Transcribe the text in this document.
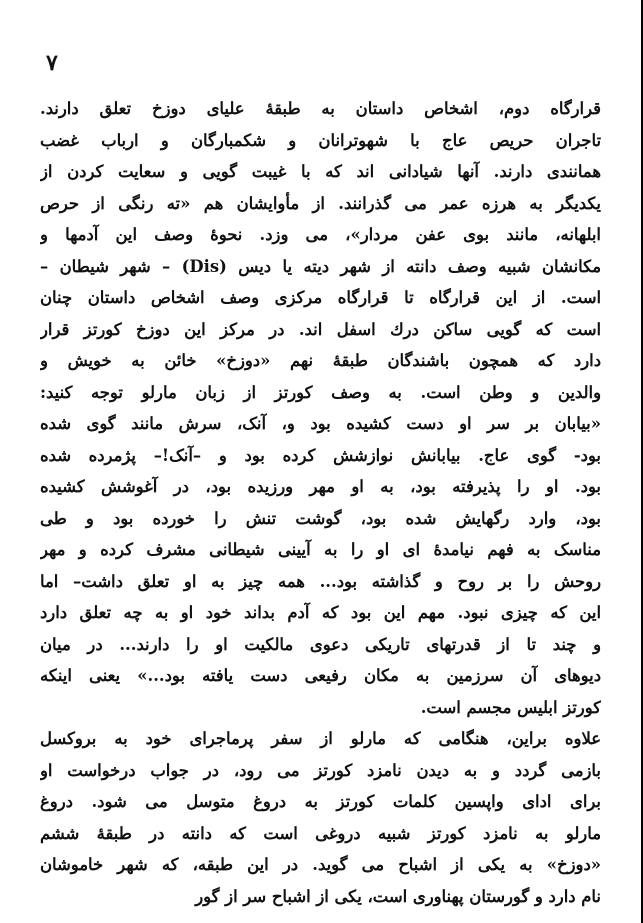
۷
قرارگاه دوم، اشخاص داستان به طبقهٔ علیای دوزخ تعلق دارند.
تاجران حریص عاج با شهوترانان و شکمبارگان و ارباب غضب
همانندی دارند. آنها شیادانی اند که با غیبت گویی و سعایت کردن از
یکدیگر به هرزه عمر می گذرانند. از مأوایشان هم «ته رنگی از حرص
ابلهانه، مانند بوی عفن مردار»، می وزد. نحوهٔ وصف این آدمها و
مکانشان شبیه وصف دانته از شهر دیته یا دیس (Dis) – شهر شیطان –
است. از این قرارگاه تا قرارگاه مرکزی وصف اشخاص داستان چنان
است که گویی ساکن درك اسفل اند. در مرکز این دوزخ کورتز قرار
دارد که همچون باشندگان طبقهٔ نهم «دوزخ» خائن به خویش و
والدین و وطن است. به وصف کورتز از زبان مارلو توجه کنید:
«بیابان بر سر او دست کشیده بود و، آنک، سرش مانند گوی شده
بود- گوی عاج. بیابانش نوازشش کرده بود و –آنک!– پژمرده شده
بود. او را پذیرفته بود، به او مهر ورزیده بود، در آغوشش کشیده
بود، وارد رگهایش شده بود، گوشت تنش را خورده بود و طی
مناسک به فهم نیامدهٔ ای او را به آیینی شیطانی مشرف کرده و مهر
روحش را بر روح و گذاشته بود... همه چیز به او تعلق داشت– اما
این که چیزی نبود. مهم این بود که آدم بداند خود او به چه تعلق دارد
و چند تا از قدرتهای تاریکی دعوی مالکیت او را دارند... در میان
دیوهای آن سرزمین به مکان رفیعی دست یافته بود...» یعنی اینکه
کورتز ابلیس مجسم است.
علاوه براین، هنگامی که مارلو از سفر پرماجرای خود به بروکسل
بازمی گردد و به دیدن نامزد کورتز می رود، در جواب درخواست او
برای ادای واپسین کلمات کورتز به دروغ متوسل می شود. دروغ
مارلو به نامزد کورتز شبیه دروغی است که دانته در طبقهٔ ششم
«دوزخ» به یکی از اشباح می گوید. در این طبقه، که شهر خاموشان
نام دارد و گورستان پهناوری است، یکی از اشباح سر از گور
